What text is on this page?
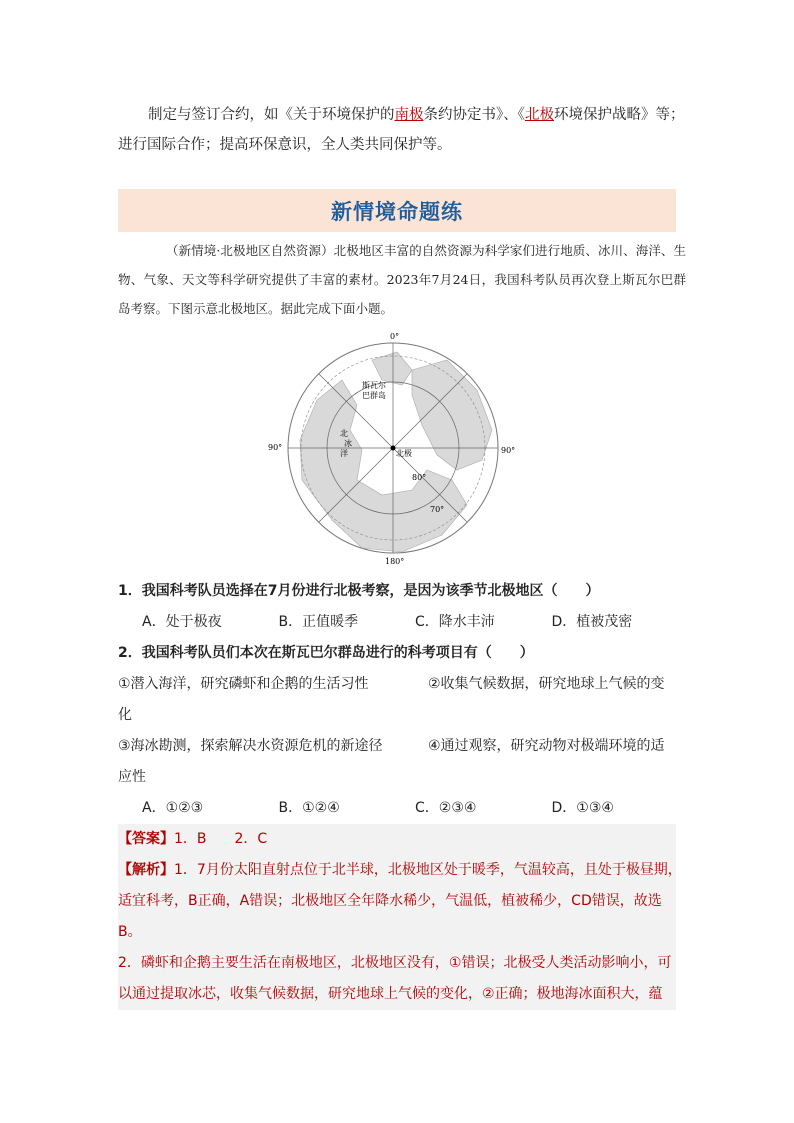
制定与签订合约，如《关于环境保护的南极条约协定书》、《北极环境保护战略》等；

进行国际合作；提高环保意识，全人类共同保护等。

新情境命题练

（新情境·北极地区自然资源）北极地区丰富的自然资源为科学家们进行地质、冰川、海洋、生物、气象、天文等科学研究提供了丰富的素材。2023年7月24日，我国科考队员再次登上斯瓦尔巴群岛考察。下图示意北极地区。据此完成下面小题。

0°
180°
90°	90°
80°
70°
斯瓦尔
巴群岛
北
冰
洋	北极

1．我国科考队员选择在7月份进行北极考察，是因为该季节北极地区（　　）

A．处于极夜	B．正值暖季	C．降水丰沛	D．植被茂密

2．我国科考队员们本次在斯瓦巴尔群岛进行的科考项目有（　　）

①潜入海洋，研究磷虾和企鹅的生活习性	②收集气候数据，研究地球上气候的变

化

③海冰勘测，探索解决水资源危机的新途径	④通过观察，研究动物对极端环境的适

应性

A．①②③	B．①②④	C．②③④	D．①③④

【答案】1．B　　2．C

【解析】1．7月份太阳直射点位于北半球，北极地区处于暖季，气温较高，且处于极昼期，

适宜科考，B正确，A错误；北极地区全年降水稀少，气温低，植被稀少，CD错误，故选

B。

2．磷虾和企鹅主要生活在南极地区，北极地区没有，①错误；北极受人类活动影响小，可

以通过提取冰芯，收集气候数据，研究地球上气候的变化，②正确；极地海冰面积大，蕴
